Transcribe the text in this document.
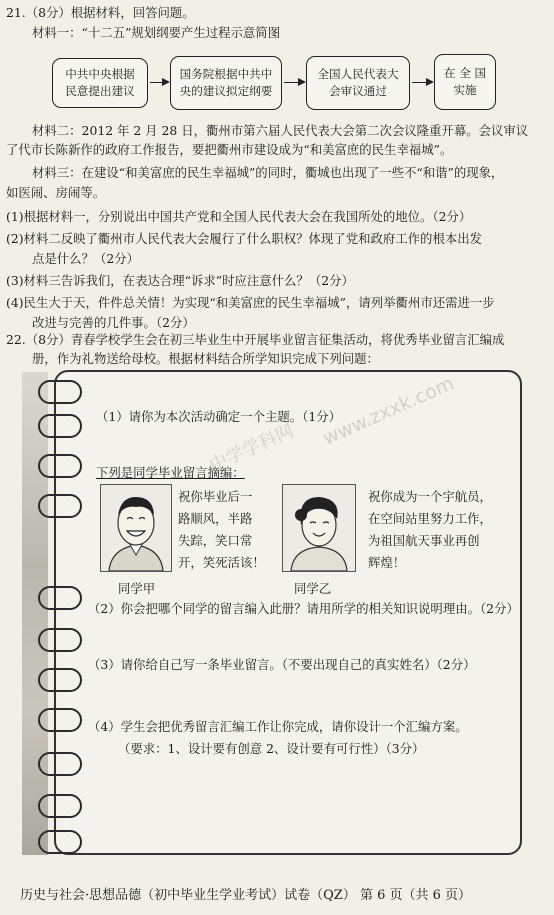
21.（8分）根据材料，回答问题。
材料一：“十二五”规划纲要产生过程示意简图
中共中央根据
民意提出建议
国务院根据中共中
央的建议拟定纲要
全国人民代表大
会审议通过
在 全 国
实施
材料二：2012 年 2 月 28 日，衢州市第六届人民代表大会第二次会议隆重开幕。会议审议
了代市长陈新作的政府工作报告，要把衢州市建设成为“和美富庶的民生幸福城”。
材料三：在建设“和美富庶的民生幸福城”的同时，衢城也出现了一些不“和谐”的现象，
如医闹、房闹等。
(1)根据材料一，分别说出中国共产党和全国人民代表大会在我国所处的地位。（2分）
(2)材料二反映了衢州市人民代表大会履行了什么职权？体现了党和政府工作的根本出发
点是什么？（2分）
(3)材料三告诉我们，在表达合理“诉求”时应注意什么？（2分）
(4)民生大于天，件件总关情！为实现“和美富庶的民生幸福城”，请列举衢州市还需进一步
改进与完善的几件事。（2分）
22.（8分）青春学校学生会在初三毕业生中开展毕业留言征集活动，将优秀毕业留言汇编成
册，作为礼物送给母校。根据材料结合所学知识完成下列问题：
（1）请你为本次活动确定一个主题。（1分）
下列是同学毕业留言摘编：
祝你毕业后一
路顺风，半路
失踪，笑口常
开，笑死活该！
同学甲
祝你成为一个宇航员，
在空间站里努力工作，
为祖国航天事业再创
辉煌！
同学乙
（2）你会把哪个同学的留言编入此册？请用所学的相关知识说明理由。（2分）
（3）请你给自己写一条毕业留言。（不要出现自己的真实姓名）（2分）
（4）学生会把优秀留言汇编工作让你完成，请你设计一个汇编方案。
（要求：1、设计要有创意 2、设计要有可行性）（3分）
www.zxxk.com
中学学科网
历史与社会·思想品德（初中毕业生学业考试）试卷（QZ） 第 6 页（共 6 页）
